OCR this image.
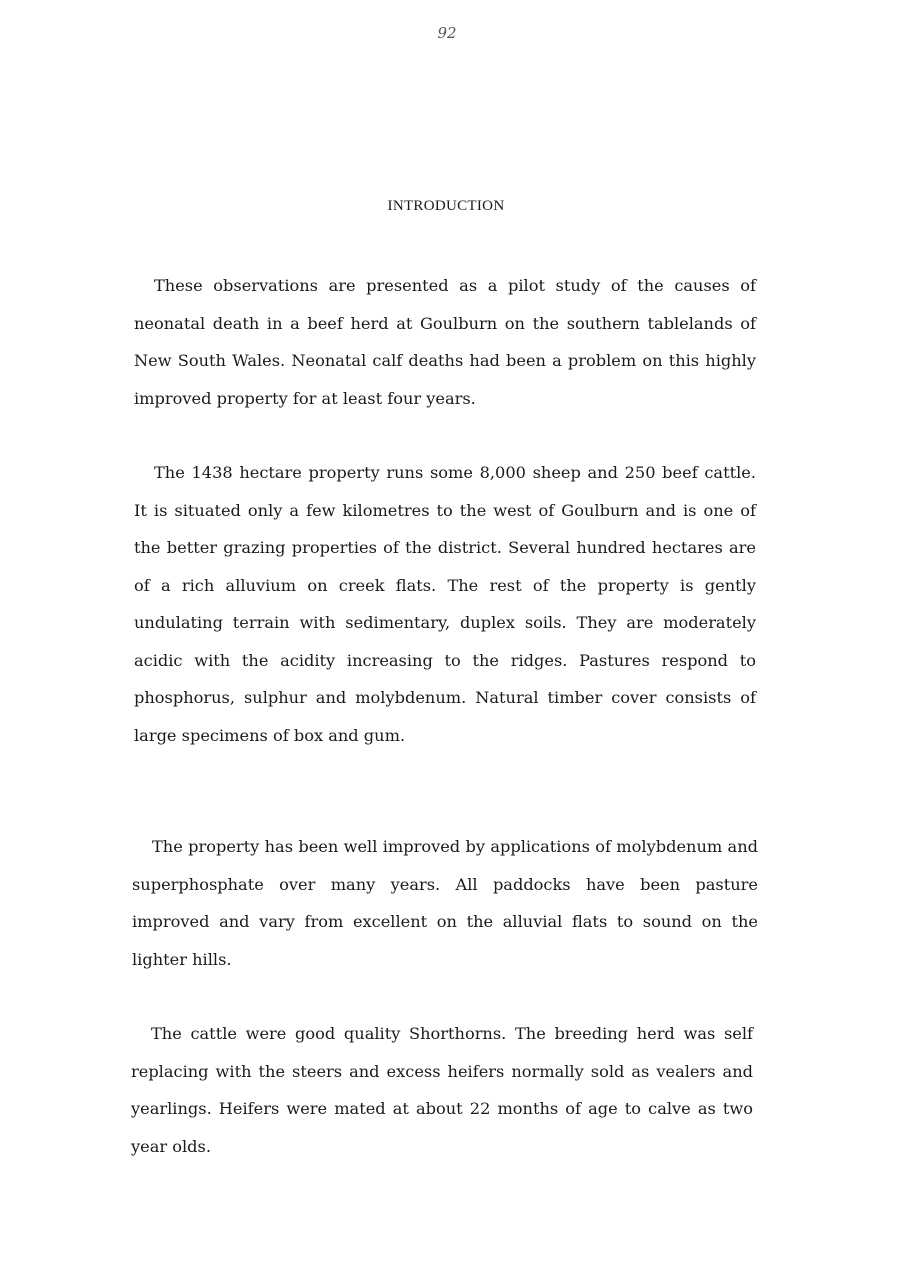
92
INTRODUCTION

These observations are presented as a pilot study of the causes of neonatal death in a beef herd at Goulburn on the southern tablelands of New South Wales. Neonatal calf deaths had been a problem on this highly improved property for at least four years.

The 1438 hectare property runs some 8,000 sheep and 250 beef cattle. It is situated only a few kilometres to the west of Goulburn and is one of the better grazing properties of the district. Several hundred hectares are of a rich alluvium on creek flats. The rest of the property is gently undulating terrain with sedimentary, duplex soils. They are moderately acidic with the acidity increasing to the ridges. Pastures respond to phosphorus, sulphur and molybdenum. Natural timber cover consists of large specimens of box and gum.

The property has been well improved by applications of molybdenum and superphosphate over many years. All paddocks have been pasture improved and vary from excellent on the alluvial flats to sound on the lighter hills.

The cattle were good quality Shorthorns. The breeding herd was self replacing with the steers and excess heifers normally sold as vealers and yearlings. Heifers were mated at about 22 months of age to calve as two year olds.
